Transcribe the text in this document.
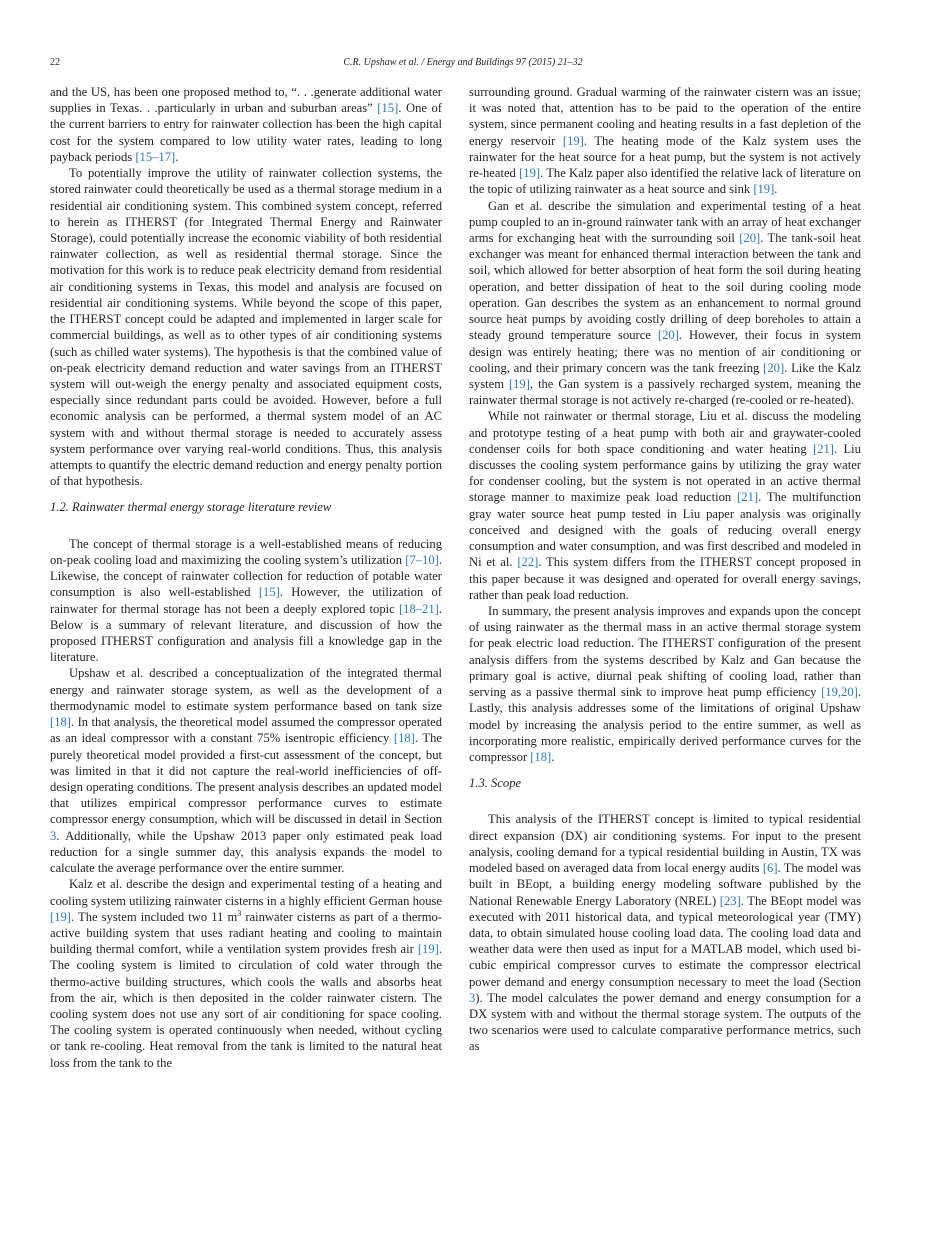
22	C.R. Upshaw et al. / Energy and Buildings 97 (2015) 21–32

and the US, has been one proposed method to, “. . .generate additional water supplies in Texas. . .particularly in urban and suburban areas” [15]. One of the current barriers to entry for rainwater collection has been the high capital cost for the system compared to low utility water rates, leading to long payback periods [15–17].

To potentially improve the utility of rainwater collection systems, the stored rainwater could theoretically be used as a thermal storage medium in a residential air conditioning system. This combined system concept, referred to herein as ITHERST (for Integrated Thermal Energy and Rainwater Storage), could potentially increase the economic viability of both residential rainwater collection, as well as residential thermal storage. Since the motivation for this work is to reduce peak electricity demand from residential air conditioning systems in Texas, this model and analysis are focused on residential air conditioning systems. While beyond the scope of this paper, the ITHERST concept could be adapted and implemented in larger scale for commercial buildings, as well as to other types of air conditioning systems (such as chilled water systems). The hypothesis is that the combined value of on-peak electricity demand reduction and water savings from an ITHERST system will out-weigh the energy penalty and associated equipment costs, especially since redundant parts could be avoided. However, before a full economic analysis can be performed, a thermal system model of an AC system with and without thermal storage is needed to accurately assess system performance over varying real-world conditions. Thus, this analysis attempts to quantify the electric demand reduction and energy penalty portion of that hypothesis.

1.2. Rainwater thermal energy storage literature review

The concept of thermal storage is a well-established means of reducing on-peak cooling load and maximizing the cooling system’s utilization [7–10]. Likewise, the concept of rainwater collection for reduction of potable water consumption is also well-established [15]. However, the utilization of rainwater for thermal storage has not been a deeply explored topic [18–21]. Below is a summary of relevant literature, and discussion of how the proposed ITHERST configuration and analysis fill a knowledge gap in the literature.

Upshaw et al. described a conceptualization of the integrated thermal energy and rainwater storage system, as well as the development of a thermodynamic model to estimate system performance based on tank size [18]. In that analysis, the theoretical model assumed the compressor operated as an ideal compressor with a constant 75% isentropic efficiency [18]. The purely theoretical model provided a first-cut assessment of the concept, but was limited in that it did not capture the real-world inefficiencies of off-design operating conditions. The present analysis describes an updated model that utilizes empirical compressor performance curves to estimate compressor energy consumption, which will be discussed in detail in Section 3. Additionally, while the Upshaw 2013 paper only estimated peak load reduction for a single summer day, this analysis expands the model to calculate the average performance over the entire summer.

Kalz et al. describe the design and experimental testing of a heating and cooling system utilizing rainwater cisterns in a highly efficient German house [19]. The system included two 11 $m^3$ rainwater cisterns as part of a thermo-active building system that uses radiant heating and cooling to maintain building thermal comfort, while a ventilation system provides fresh air [19]. The cooling system is limited to circulation of cold water through the thermo-active building structures, which cools the walls and absorbs heat from the air, which is then deposited in the colder rainwater cistern. The cooling system does not use any sort of air conditioning for space cooling. The cooling system is operated continuously when needed, without cycling or tank re-cooling. Heat removal from the tank is limited to the natural heat loss from the tank to the

surrounding ground. Gradual warming of the rainwater cistern was an issue; it was noted that, attention has to be paid to the operation of the entire system, since permanent cooling and heating results in a fast depletion of the energy reservoir [19]. The heating mode of the Kalz system uses the rainwater for the heat source for a heat pump, but the system is not actively re-heated [19]. The Kalz paper also identified the relative lack of literature on the topic of utilizing rainwater as a heat source and sink [19].

Gan et al. describe the simulation and experimental testing of a heat pump coupled to an in-ground rainwater tank with an array of heat exchanger arms for exchanging heat with the surrounding soil [20]. The tank-soil heat exchanger was meant for enhanced thermal interaction between the tank and soil, which allowed for better absorption of heat form the soil during heating operation, and better dissipation of heat to the soil during cooling mode operation. Gan describes the system as an enhancement to normal ground source heat pumps by avoiding costly drilling of deep boreholes to attain a steady ground temperature source [20]. However, their focus in system design was entirely heating; there was no mention of air conditioning or cooling, and their primary concern was the tank freezing [20]. Like the Kalz system [19], the Gan system is a passively recharged system, meaning the rainwater thermal storage is not actively re-charged (re-cooled or re-heated).

While not rainwater or thermal storage, Liu et al. discuss the modeling and prototype testing of a heat pump with both air and graywater-cooled condenser coils for both space conditioning and water heating [21]. Liu discusses the cooling system performance gains by utilizing the gray water for condenser cooling, but the system is not operated in an active thermal storage manner to maximize peak load reduction [21]. The multifunction gray water source heat pump tested in Liu paper analysis was originally conceived and designed with the goals of reducing overall energy consumption and water consumption, and was first described and modeled in Ni et al. [22]. This system differs from the ITHERST concept proposed in this paper because it was designed and operated for overall energy savings, rather than peak load reduction.

In summary, the present analysis improves and expands upon the concept of using rainwater as the thermal mass in an active thermal storage system for peak electric load reduction. The ITHERST configuration of the present analysis differs from the systems described by Kalz and Gan because the primary goal is active, diurnal peak shifting of cooling load, rather than serving as a passive thermal sink to improve heat pump efficiency [19,20]. Lastly, this analysis addresses some of the limitations of original Upshaw model by increasing the analysis period to the entire summer, as well as incorporating more realistic, empirically derived performance curves for the compressor [18].

1.3. Scope

This analysis of the ITHERST concept is limited to typical residential direct expansion (DX) air conditioning systems. For input to the present analysis, cooling demand for a typical residential building in Austin, TX was modeled based on averaged data from local energy audits [6]. The model was built in BEopt, a building energy modeling software published by the National Renewable Energy Laboratory (NREL) [23]. The BEopt model was executed with 2011 historical data, and typical meteorological year (TMY) data, to obtain simulated house cooling load data. The cooling load data and weather data were then used as input for a MATLAB model, which used bi-cubic empirical compressor curves to estimate the compressor electrical power demand and energy consumption necessary to meet the load (Section 3). The model calculates the power demand and energy consumption for a DX system with and without the thermal storage system. The outputs of the two scenarios were used to calculate comparative performance metrics, such as
